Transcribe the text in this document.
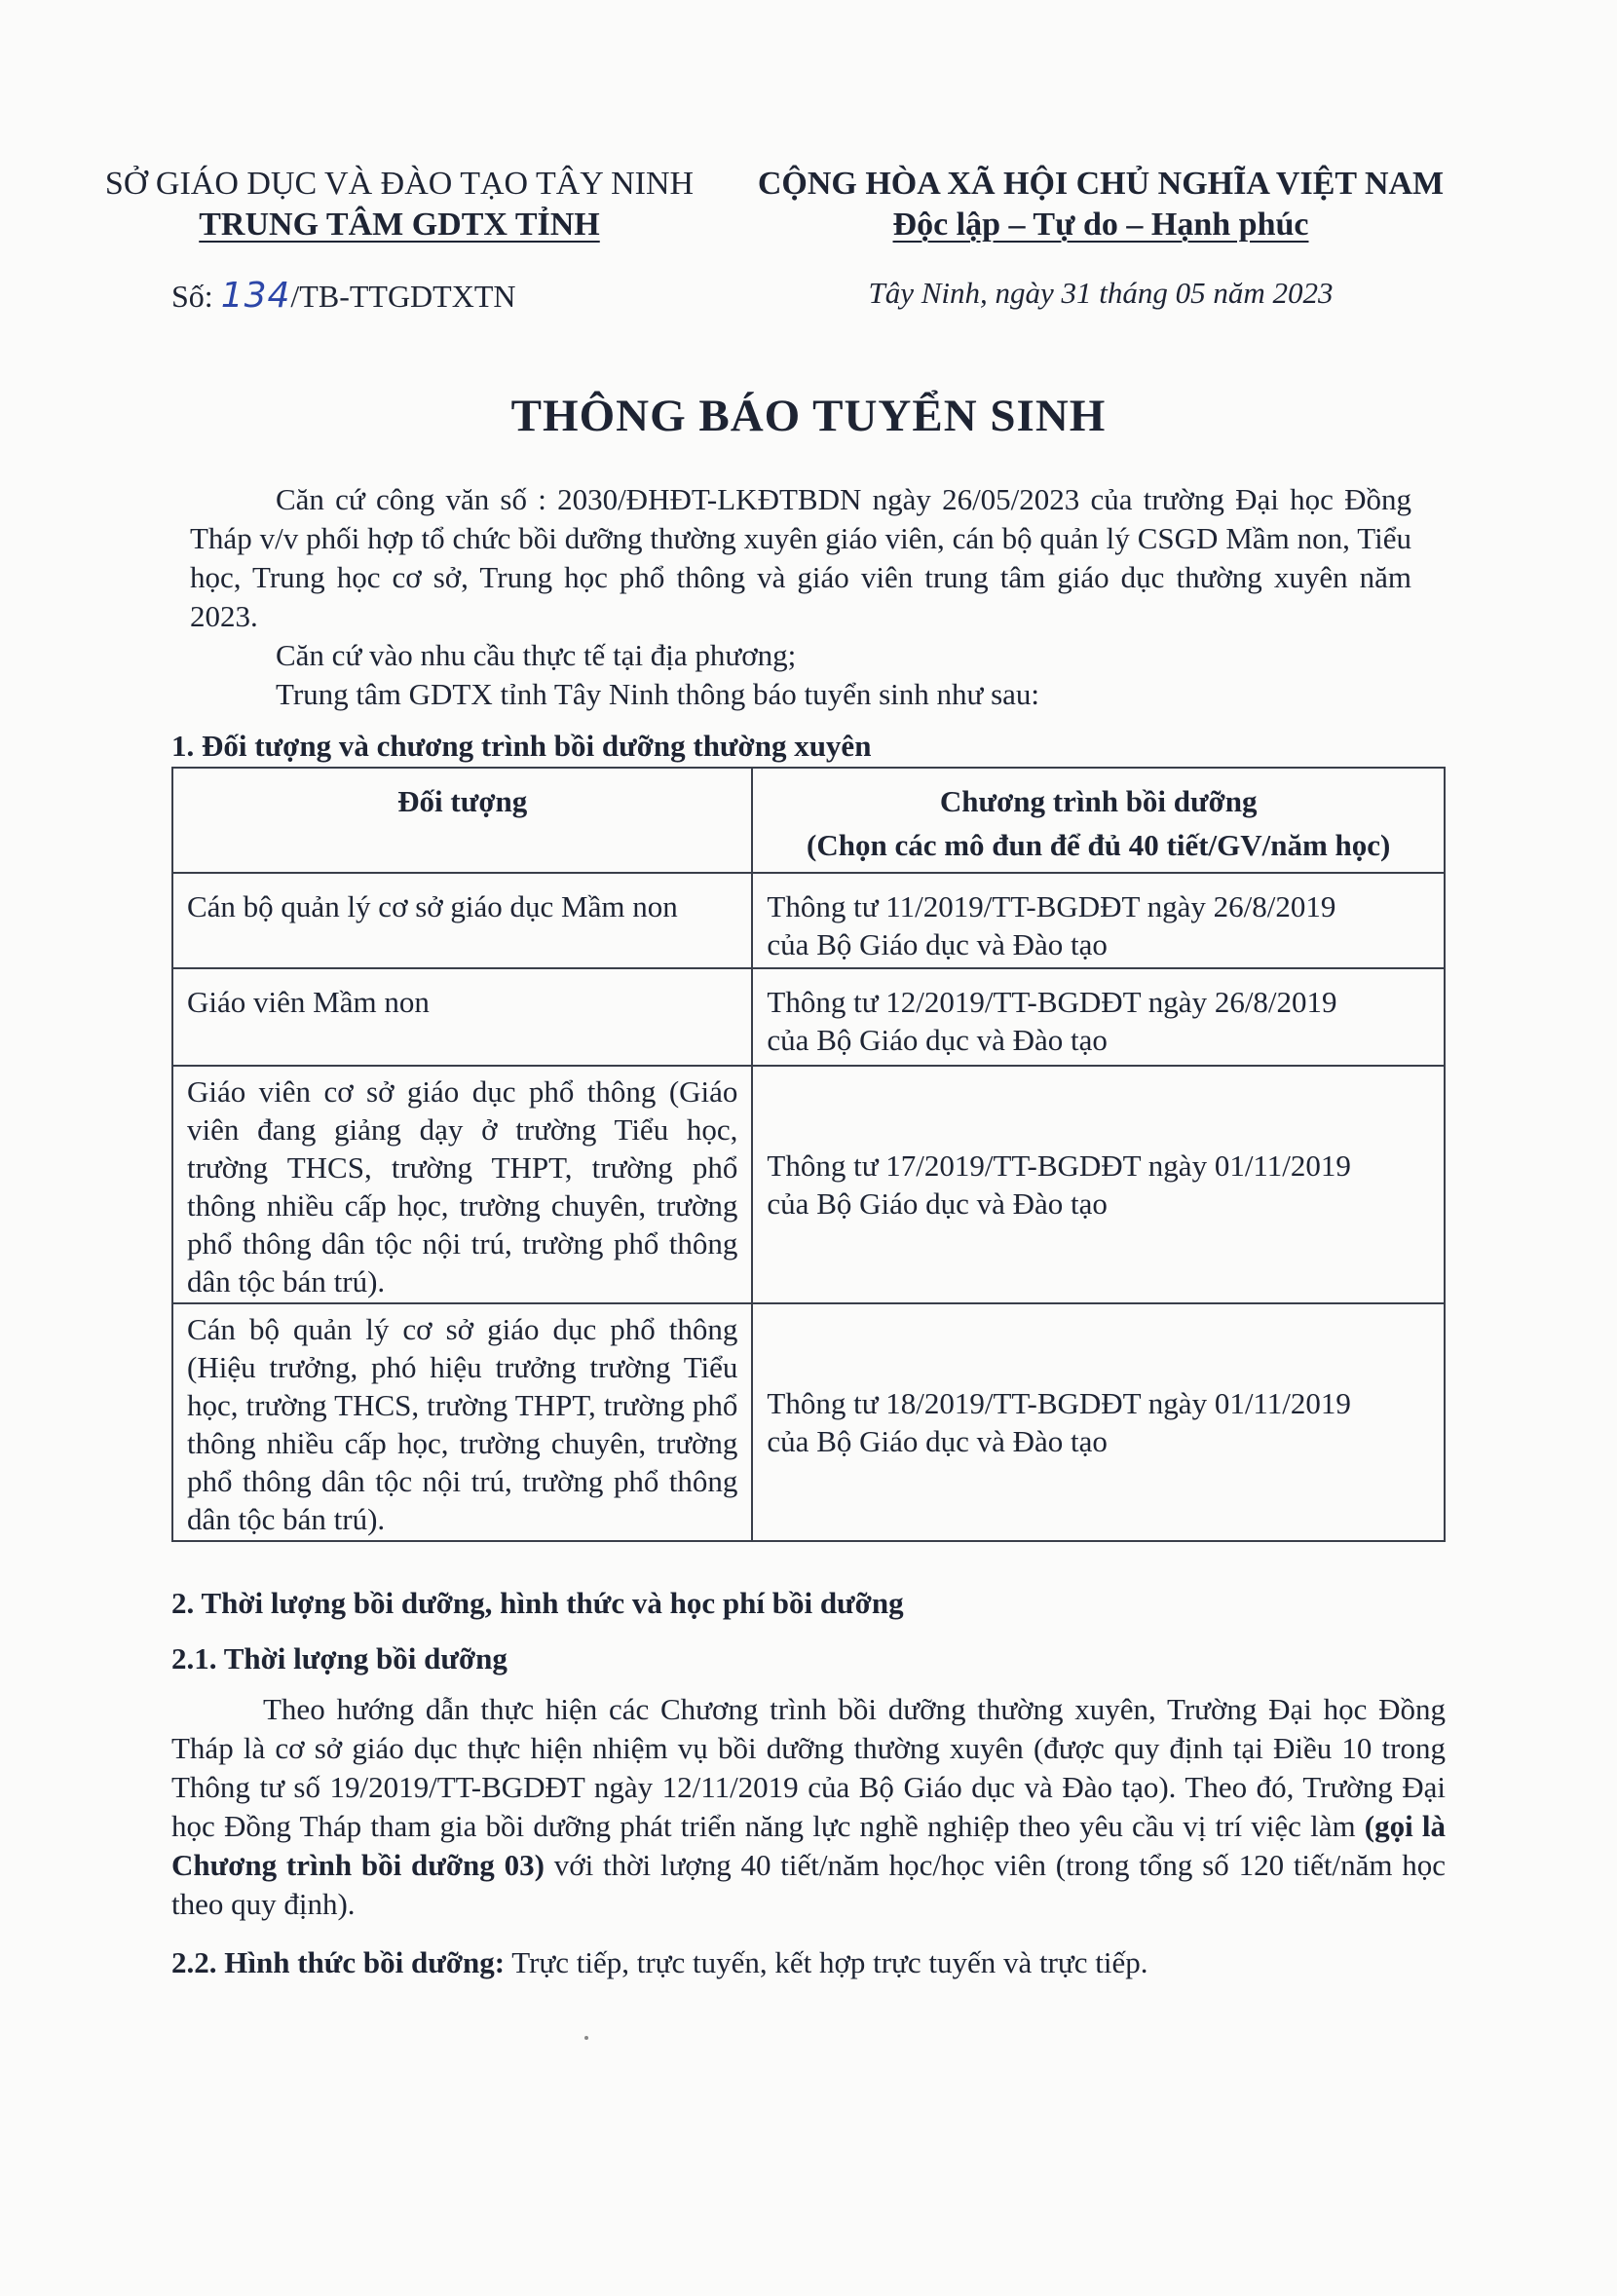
SỞ GIÁO DỤC VÀ ĐÀO TẠO TÂY NINH
TRUNG TÂM GDTX TỈNH
CỘNG HÒA XÃ HỘI CHỦ NGHĨA VIỆT NAM
Độc lập – Tự do – Hạnh phúc
Số: 134/TB-TTGDTXTN	Tây Ninh, ngày 31 tháng 05 năm 2023
THÔNG BÁO TUYỂN SINH

Căn cứ công văn số : 2030/ĐHĐT-LKĐTBDN ngày 26/05/2023 của trường Đại học Đồng Tháp v/v phối hợp tổ chức bồi dưỡng thường xuyên giáo viên, cán bộ quản lý CSGD Mầm non, Tiểu học, Trung học cơ sở, Trung học phổ thông và giáo viên trung tâm giáo dục thường xuyên năm 2023.

Căn cứ vào nhu cầu thực tế tại địa phương;
Trung tâm GDTX tỉnh Tây Ninh thông báo tuyển sinh như sau:
1. Đối tượng và chương trình bồi dưỡng thường xuyên
Đối tượng	Chương trình bồi dưỡng
(Chọn các mô đun để đủ 40 tiết/GV/năm học)

Cán bộ quản lý cơ sở giáo dục Mầm non	Thông tư 11/2019/TT-BGDĐT ngày 26/8/2019
của Bộ Giáo dục và Đào tạo

Giáo viên Mầm non	Thông tư 12/2019/TT-BGDĐT ngày 26/8/2019
của Bộ Giáo dục và Đào tạo

Giáo viên cơ sở giáo dục phổ thông (Giáo viên đang giảng dạy ở trường Tiểu học, trường THCS, trường THPT, trường phổ thông nhiều cấp học, trường chuyên, trường phổ thông dân tộc nội trú, trường phổ thông dân tộc bán trú).	Thông tư 17/2019/TT-BGDĐT ngày 01/11/2019
của Bộ Giáo dục và Đào tạo

Cán bộ quản lý cơ sở giáo dục phổ thông (Hiệu trưởng, phó hiệu trưởng trường Tiểu học, trường THCS, trường THPT, trường phổ thông nhiều cấp học, trường chuyên, trường phổ thông dân tộc nội trú, trường phổ thông dân tộc bán trú).	Thông tư 18/2019/TT-BGDĐT ngày 01/11/2019
của Bộ Giáo dục và Đào tạo
2. Thời lượng bồi dưỡng, hình thức và học phí bồi dưỡng
2.1. Thời lượng bồi dưỡng

Theo hướng dẫn thực hiện các Chương trình bồi dưỡng thường xuyên, Trường Đại học Đồng Tháp là cơ sở giáo dục thực hiện nhiệm vụ bồi dưỡng thường xuyên (được quy định tại Điều 10 trong Thông tư số 19/2019/TT-BGDĐT ngày 12/11/2019 của Bộ Giáo dục và Đào tạo). Theo đó, Trường Đại học Đồng Tháp tham gia bồi dưỡng phát triển năng lực nghề nghiệp theo yêu cầu vị trí việc làm (gọi là Chương trình bồi dưỡng 03) với thời lượng 40 tiết/năm học/học viên (trong tổng số 120 tiết/năm học theo quy định).

2.2. Hình thức bồi dưỡng: Trực tiếp, trực tuyến, kết hợp trực tuyến và trực tiếp.
